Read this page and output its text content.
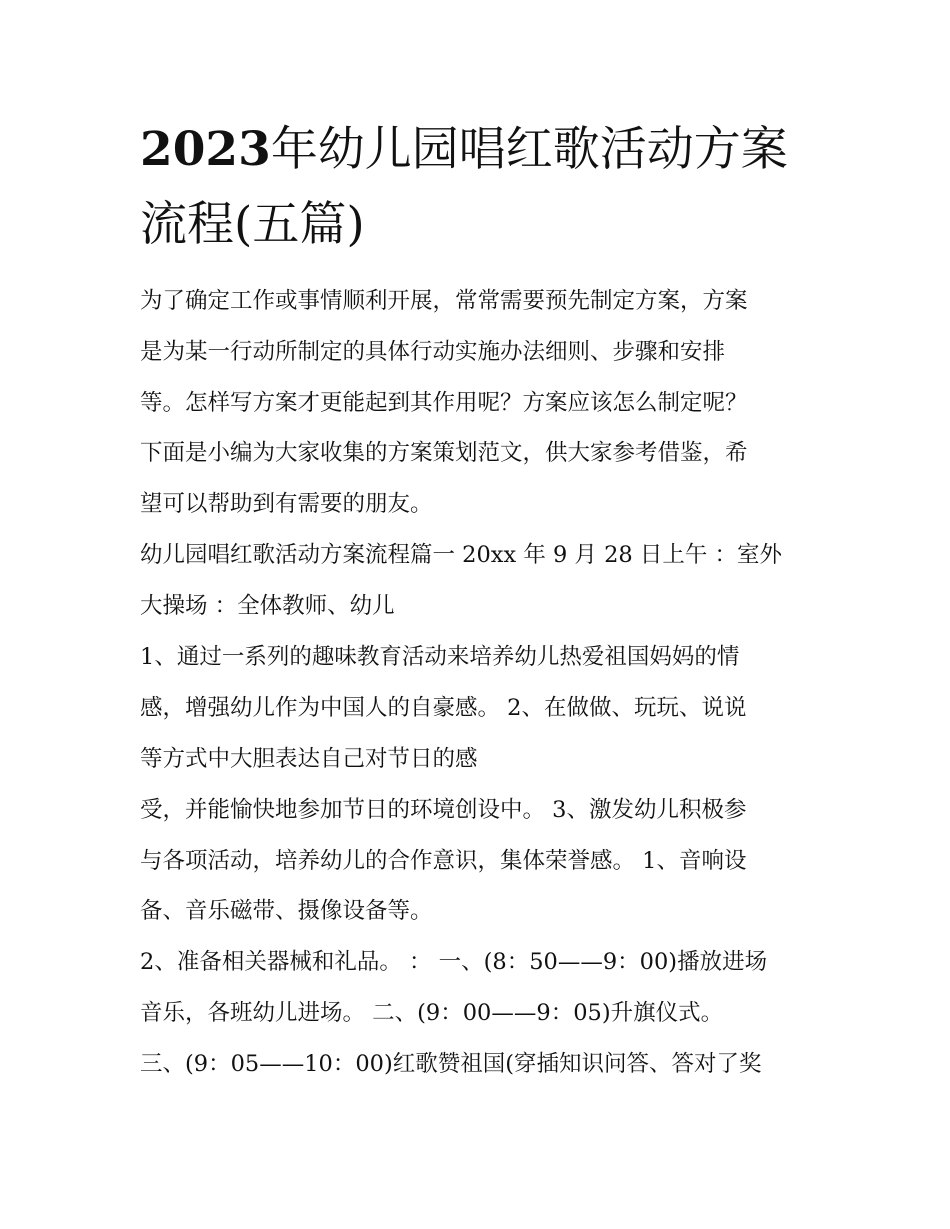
2023年幼儿园唱红歌活动方案
流程(五篇)

为了确定工作或事情顺利开展，常常需要预先制定方案，方案

是为某一行动所制定的具体行动实施办法细则、步骤和安排

等。怎样写方案才更能起到其作用呢？方案应该怎么制定呢？

下面是小编为大家收集的方案策划范文，供大家参考借鉴，希

望可以帮助到有需要的朋友。

幼儿园唱红歌活动方案流程篇一 20xx 年 9 月 28 日上午 ：室外

大操场 ：全体教师、幼儿

1、通过一系列的趣味教育活动来培养幼儿热爱祖国妈妈的情

感，增强幼儿作为中国人的自豪感。 2、在做做、玩玩、说说

等方式中大胆表达自己对节日的感

受，并能愉快地参加节日的环境创设中。 3、激发幼儿积极参

与各项活动，培养幼儿的合作意识，集体荣誉感。 1、音响设

备、音乐磁带、摄像设备等。

2、准备相关器械和礼品。 ： 一、(8：50——9：00)播放进场

音乐，各班幼儿进场。 二、(9：00——9：05)升旗仪式。

三、(9：05——10：00)红歌赞祖国(穿插知识问答、答对了奖
